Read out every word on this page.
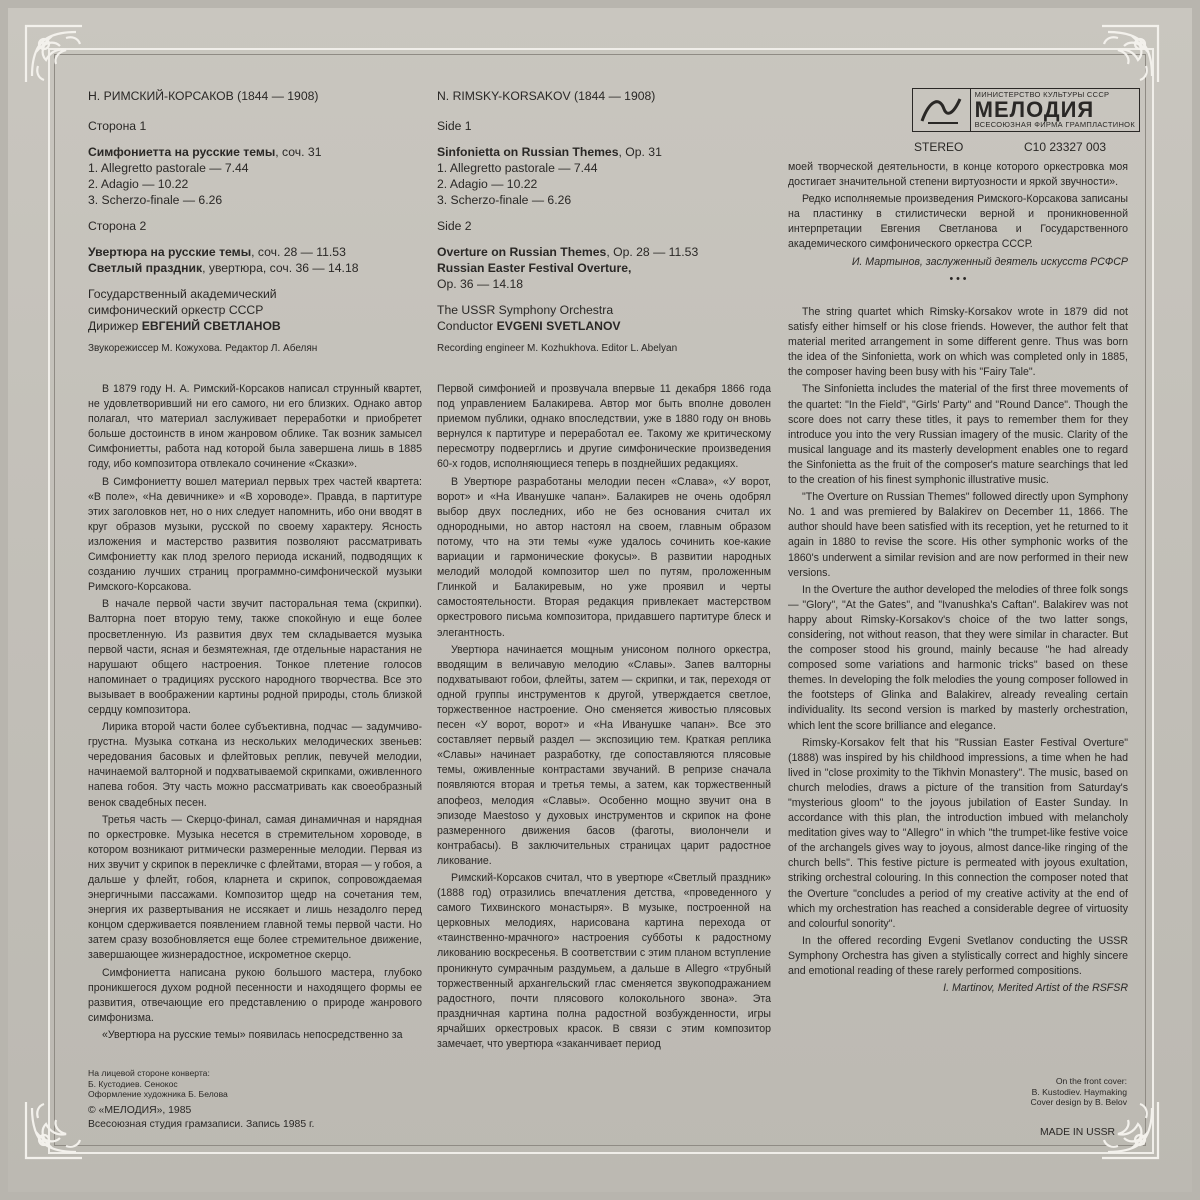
Н. РИМСКИЙ-КОРСАКОВ (1844 — 1908)
Сторона 1
Симфониетта на русские темы, соч. 31
1. Allegretto pastorale — 7.44
2. Adagio — 10.22
3. Scherzo-finale — 6.26
Сторона 2
Увертюра на русские темы, соч. 28 — 11.53
Светлый праздник, увертюра, соч. 36 — 14.18
Государственный академический
симфонический оркестр СССР
Дирижер ЕВГЕНИЙ СВЕТЛАНОВ
Звукорежиссер М. Кожухова. Редактор Л. Абелян
N. RIMSKY-KORSAKOV (1844 — 1908)
Side 1
Sinfonietta on Russian Themes, Op. 31
1. Allegretto pastorale — 7.44
2. Adagio — 10.22
3. Scherzo-finale — 6.26
Side 2
Overture on Russian Themes, Op. 28 — 11.53
Russian Easter Festival Overture,
Op. 36 — 14.18
The USSR Symphony Orchestra
Conductor EVGENI SVETLANOV
Recording engineer M. Kozhukhova. Editor L. Abelyan
МИНИСТЕРСТВО КУЛЬТУРЫ СССР
МЕЛОДИЯ
ВСЕСОЮЗНАЯ ФИРМА ГРАМПЛАСТИНОК
STEREO	С10 23327 003

В 1879 году Н. А. Римский-Корсаков написал струнный квартет, не удовлетворивший ни его самого, ни его близких. Однако автор полагал, что материал заслуживает переработки и приобретет больше достоинств в ином жанровом облике. Так возник замысел Симфониетты, работа над которой была завершена лишь в 1885 году, ибо композитора отвлекало сочинение «Сказки».

В Симфониетту вошел материал первых трех частей квартета: «В поле», «На девичнике» и «В хороводе». Правда, в партитуре этих заголовков нет, но о них следует напомнить, ибо они вводят в круг образов музыки, русской по своему характеру. Ясность изложения и мастерство развития позволяют рассматривать Симфониетту как плод зрелого периода исканий, подводящих к созданию лучших страниц программно-симфонической музыки Римского-Корсакова.

В начале первой части звучит пасторальная тема (скрипки). Валторна поет вторую тему, также спокойную и еще более просветленную. Из развития двух тем складывается музыка первой части, ясная и безмятежная, где отдельные нарастания не нарушают общего настроения. Тонкое плетение голосов напоминает о традициях русского народного творчества. Все это вызывает в воображении картины родной природы, столь близкой сердцу композитора.

Лирика второй части более субъективна, подчас — задумчиво-грустна. Музыка соткана из нескольких мелодических звеньев: чередования басовых и флейтовых реплик, певучей мелодии, начинаемой валторной и подхватываемой скрипками, оживленного напева гобоя. Эту часть можно рассматривать как своеобразный венок свадебных песен.

Третья часть — Скерцо-финал, самая динамичная и нарядная по оркестровке. Музыка несется в стремительном хороводе, в котором возникают ритмически размеренные мелодии. Первая из них звучит у скрипок в перекличке с флейтами, вторая — у гобоя, а дальше у флейт, гобоя, кларнета и скрипок, сопровождаемая энергичными пассажами. Композитор щедр на сочетания тем, энергия их развертывания не иссякает и лишь незадолго перед концом сдерживается появлением главной темы первой части. Но затем сразу возобновляется еще более стремительное движение, завершающее жизнерадостное, искрометное скерцо.

Симфониетта написана рукою большого мастера, глубоко проникшегося духом родной песенности и находящего формы ее развития, отвечающие его представлению о природе жанрового симфонизма.

«Увертюра на русские темы» появилась непосредственно за

Первой симфонией и прозвучала впервые 11 декабря 1866 года под управлением Балакирева. Автор мог быть вполне доволен приемом публики, однако впоследствии, уже в 1880 году он вновь вернулся к партитуре и переработал ее. Такому же критическому пересмотру подверглись и другие симфонические произведения 60-х годов, исполняющиеся теперь в позднейших редакциях.

В Увертюре разработаны мелодии песен «Слава», «У ворот, ворот» и «На Иванушке чапан». Балакирев не очень одобрял выбор двух последних, ибо не без основания считал их однородными, но автор настоял на своем, главным образом потому, что на эти темы «уже удалось сочинить кое-какие вариации и гармонические фокусы». В развитии народных мелодий молодой композитор шел по путям, проложенным Глинкой и Балакиревым, но уже проявил и черты самостоятельности. Вторая редакция привлекает мастерством оркестрового письма композитора, придавшего партитуре блеск и элегантность.

Увертюра начинается мощным унисоном полного оркестра, вводящим в величавую мелодию «Славы». Запев валторны подхватывают гобои, флейты, затем — скрипки, и так, переходя от одной группы инструментов к другой, утверждается светлое, торжественное настроение. Оно сменяется живостью плясовых песен «У ворот, ворот» и «На Иванушке чапан». Все это составляет первый раздел — экспозицию тем. Краткая реплика «Славы» начинает разработку, где сопоставляются плясовые темы, оживленные контрастами звучаний. В репризе сначала появляются вторая и третья темы, а затем, как торжественный апофеоз, мелодия «Славы». Особенно мощно звучит она в эпизоде Maestoso у духовых инструментов и скрипок на фоне размеренного движения басов (фаготы, виолончели и контрабасы). В заключительных страницах царит радостное ликование.

Римский-Корсаков считал, что в увертюре «Светлый праздник» (1888 год) отразились впечатления детства, «проведенного у самого Тихвинского монастыря». В музыке, построенной на церковных мелодиях, нарисована картина перехода от «таинственно-мрачного» настроения субботы к радостному ликованию воскресенья. В соответствии с этим планом вступление проникнуто сумрачным раздумьем, а дальше в Allegro «трубный торжественный архангельский глас сменяется звукоподражанием радостного, почти плясового колокольного звона». Эта праздничная картина полна радостной возбужденности, игры ярчайших оркестровых красок. В связи с этим композитор замечает, что увертюра «заканчивает период

моей творческой деятельности, в конце которого оркестровка моя достигает значительной степени виртуозности и яркой звучности».

Редко исполняемые произведения Римского-Корсакова записаны на пластинку в стилистически верной и проникновенной интерпретации Евгения Светланова и Государственного академического симфонического оркестра СССР.

И. Мартынов, заслуженный деятель искусств РСФСР
• • •

The string quartet which Rimsky-Korsakov wrote in 1879 did not satisfy either himself or his close friends. However, the author felt that material merited arrangement in some different genre. Thus was born the idea of the Sinfonietta, work on which was completed only in 1885, the composer having been busy with his "Fairy Tale".

The Sinfonietta includes the material of the first three movements of the quartet: "In the Field", "Girls' Party" and "Round Dance". Though the score does not carry these titles, it pays to remember them for they introduce you into the very Russian imagery of the music. Clarity of the musical language and its masterly development enables one to regard the Sinfonietta as the fruit of the composer's mature searchings that led to the creation of his finest symphonic illustrative music.

"The Overture on Russian Themes" followed directly upon Symphony No. 1 and was premiered by Balakirev on December 11, 1866. The author should have been satisfied with its reception, yet he returned to it again in 1880 to revise the score. His other symphonic works of the 1860's underwent a similar revision and are now performed in their new versions.

In the Overture the author developed the melodies of three folk songs — "Glory", "At the Gates", and "Ivanushka's Caftan". Balakirev was not happy about Rimsky-Korsakov's choice of the two latter songs, considering, not without reason, that they were similar in character. But the composer stood his ground, mainly because "he had already composed some variations and harmonic tricks" based on these themes. In developing the folk melodies the young composer followed in the footsteps of Glinka and Balakirev, already revealing certain individuality. Its second version is marked by masterly orchestration, which lent the score brilliance and elegance.

Rimsky-Korsakov felt that his "Russian Easter Festival Overture" (1888) was inspired by his childhood impressions, a time when he had lived in "close proximity to the Tikhvin Monastery". The music, based on church melodies, draws a picture of the transition from Saturday's "mysterious gloom" to the joyous jubilation of Easter Sunday. In accordance with this plan, the introduction imbued with melancholy meditation gives way to "Allegro" in which "the trumpet-like festive voice of the archangels gives way to joyous, almost dance-like ringing of the church bells". This festive picture is permeated with joyous exultation, striking orchestral colouring. In this connection the composer noted that the Overture "concludes a period of my creative activity at the end of which my orchestration has reached a considerable degree of virtuosity and colourful sonority".

In the offered recording Evgeni Svetlanov conducting the USSR Symphony Orchestra has given a stylistically correct and highly sincere and emotional reading of these rarely performed compositions.

I. Martinov, Merited Artist of the RSFSR
На лицевой стороне конверта:
Б. Кустодиев. Сенокос
Оформление художника Б. Белова
© «МЕЛОДИЯ», 1985
Всесоюзная студия грамзаписи. Запись 1985 г.
On the front cover:
B. Kustodiev. Haymaking
Cover design by B. Belov
MADE IN USSR
